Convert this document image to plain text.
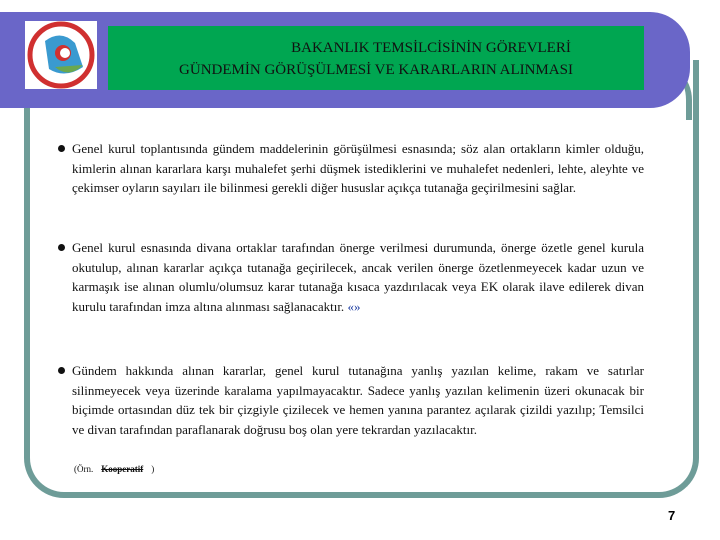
BAKANLIK TEMSİLCİSİNİN GÖREVLERİ
GÜNDEMİN GÖRÜŞÜLMESİ VE KARARLARIN ALINMASI
Genel kurul toplantısında gündem maddelerinin görüşülmesi esnasında; söz alan ortakların kimler olduğu, kimlerin alınan kararlara karşı muhalefet şerhi düşmek istediklerini ve muhalefet nedenleri, lehte, aleyhte ve çekimser oyların sayıları ile bilinmesi gerekli diğer hususlar açıkça tutanağa geçirilmesini sağlar.
Genel kurul esnasında divana ortaklar tarafından önerge verilmesi durumunda, önerge özetle genel kurula okutulup, alınan kararlar açıkça tutanağa geçirilecek, ancak verilen önerge özetlenmeyecek kadar uzun ve karmaşık ise alınan olumlu/olumsuz karar tutanağa kısaca yazdırılacak veya EK olarak ilave edilerek divan kurulu tarafından imza altına alınması sağlanacaktır. «»
Gündem hakkında alınan kararlar, genel kurul tutanağına yanlış yazılan kelime, rakam ve satırlar silinmeyecek veya üzerinde karalama yapılmayacaktır. Sadece yanlış yazılan kelimenin üzeri okunacak bir biçimde ortasından düz tek bir çizgiyle çizilecek ve hemen yanına parantez açılarak çizildi yazılıp; Temsilci ve divan tarafından paraflanarak doğrusu boş olan yere tekrardan yazılacaktır.
(Örn. Kooperatif )
7
